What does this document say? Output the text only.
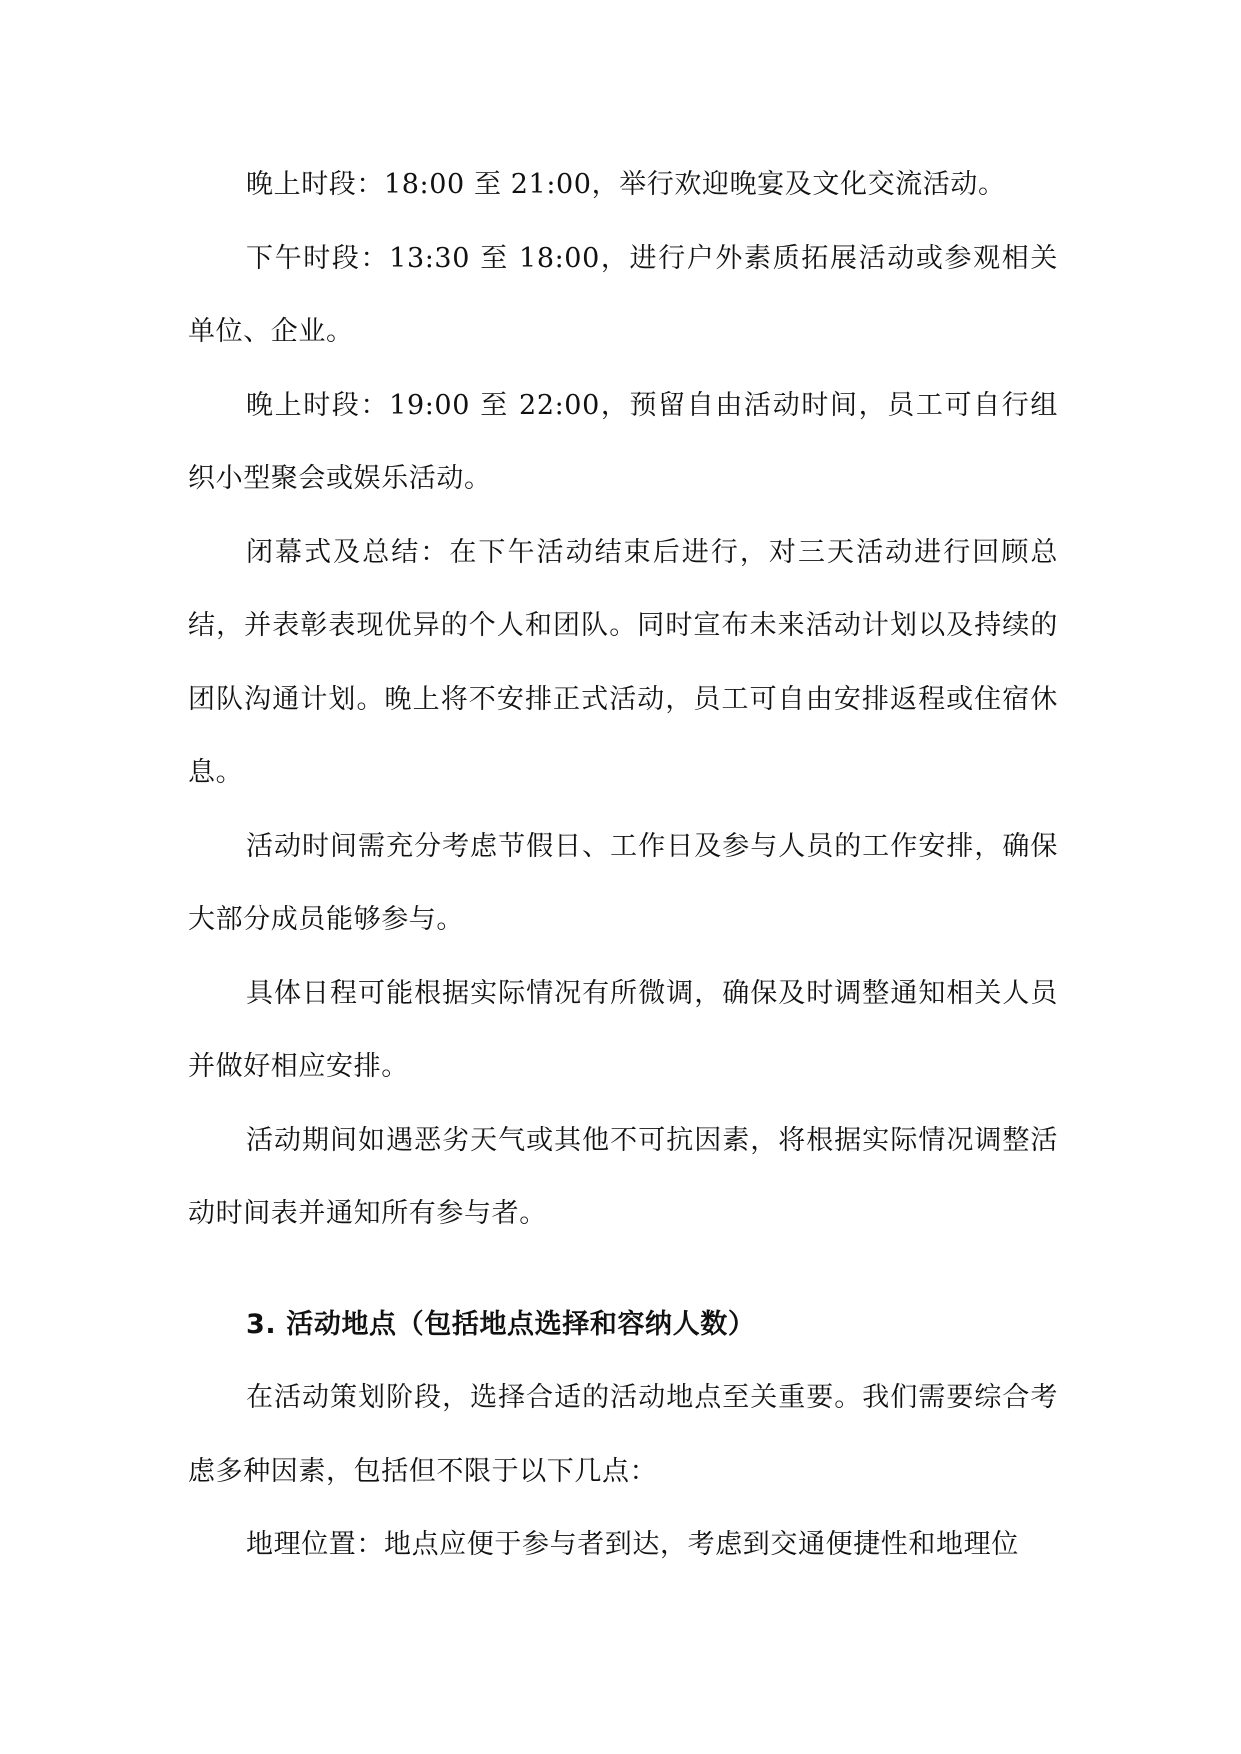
晚上时段：18:00 至 21:00，举行欢迎晚宴及文化交流活动。

下午时段：13:30 至 18:00，进行户外素质拓展活动或参观相关单位、企业。

晚上时段：19:00 至 22:00，预留自由活动时间，员工可自行组织小型聚会或娱乐活动。

闭幕式及总结：在下午活动结束后进行，对三天活动进行回顾总结，并表彰表现优异的个人和团队。同时宣布未来活动计划以及持续的团队沟通计划。晚上将不安排正式活动，员工可自由安排返程或住宿休息。

活动时间需充分考虑节假日、工作日及参与人员的工作安排，确保大部分成员能够参与。

具体日程可能根据实际情况有所微调，确保及时调整通知相关人员并做好相应安排。

活动期间如遇恶劣天气或其他不可抗因素，将根据实际情况调整活动时间表并通知所有参与者。

3. 活动地点（包括地点选择和容纳人数）

在活动策划阶段，选择合适的活动地点至关重要。我们需要综合考虑多种因素，包括但不限于以下几点：

地理位置：地点应便于参与者到达，考虑到交通便捷性和地理位
